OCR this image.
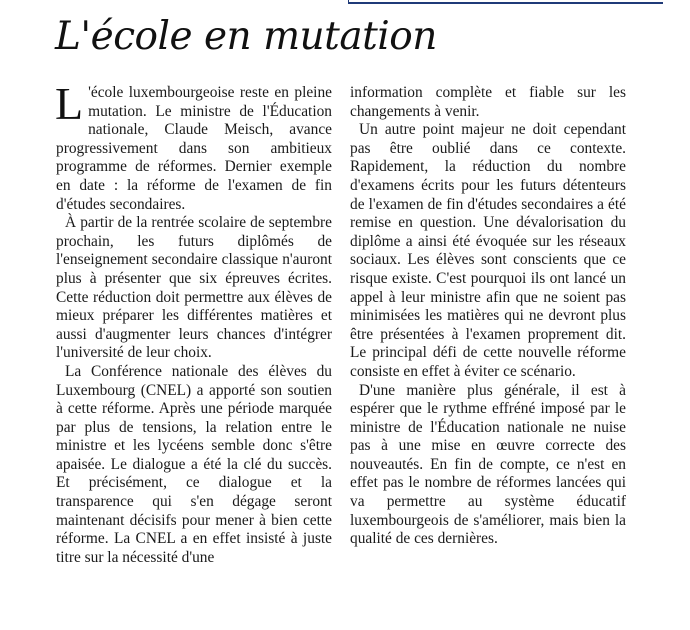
L'école en mutation

L 'école luxembourgeoise reste en pleine mutation. Le ministre de l'Éducation nationale, Claude Meisch, avance progressivement dans son ambitieux programme de réformes. Dernier exemple en date : la réforme de l'examen de fin d'études secondaires.

À partir de la rentrée scolaire de septembre prochain, les futurs diplômés de l'enseignement secondaire classique n'auront plus à présenter que six épreuves écrites. Cette réduction doit permettre aux élèves de mieux préparer les différentes matières et aussi d'augmenter leurs chances d'intégrer l'université de leur choix.

La Conférence nationale des élèves du Luxembourg (CNEL) a apporté son soutien à cette réforme. Après une période marquée par plus de tensions, la relation entre le ministre et les lycéens semble donc s'être apaisée. Le dialogue a été la clé du succès. Et précisément, ce dialogue et la transparence qui s'en dégage seront maintenant décisifs pour mener à bien cette réforme. La CNEL a en effet insisté à juste titre sur la nécessité d'une

information complète et fiable sur les changements à venir.

Un autre point majeur ne doit cependant pas être oublié dans ce contexte. Rapidement, la réduction du nombre d'examens écrits pour les futurs détenteurs de l'examen de fin d'études secondaires a été remise en question. Une dévalorisation du diplôme a ainsi été évoquée sur les réseaux sociaux. Les élèves sont conscients que ce risque existe. C'est pourquoi ils ont lancé un appel à leur ministre afin que ne soient pas minimisées les matières qui ne devront plus être présentées à l'examen proprement dit. Le principal défi de cette nouvelle réforme consiste en effet à éviter ce scénario.

D'une manière plus générale, il est à espérer que le rythme effréné imposé par le ministre de l'Éducation nationale ne nuise pas à une mise en œuvre correcte des nouveautés. En fin de compte, ce n'est en effet pas le nombre de réformes lancées qui va permettre au système éducatif luxembourgeois de s'améliorer, mais bien la qualité de ces dernières.
